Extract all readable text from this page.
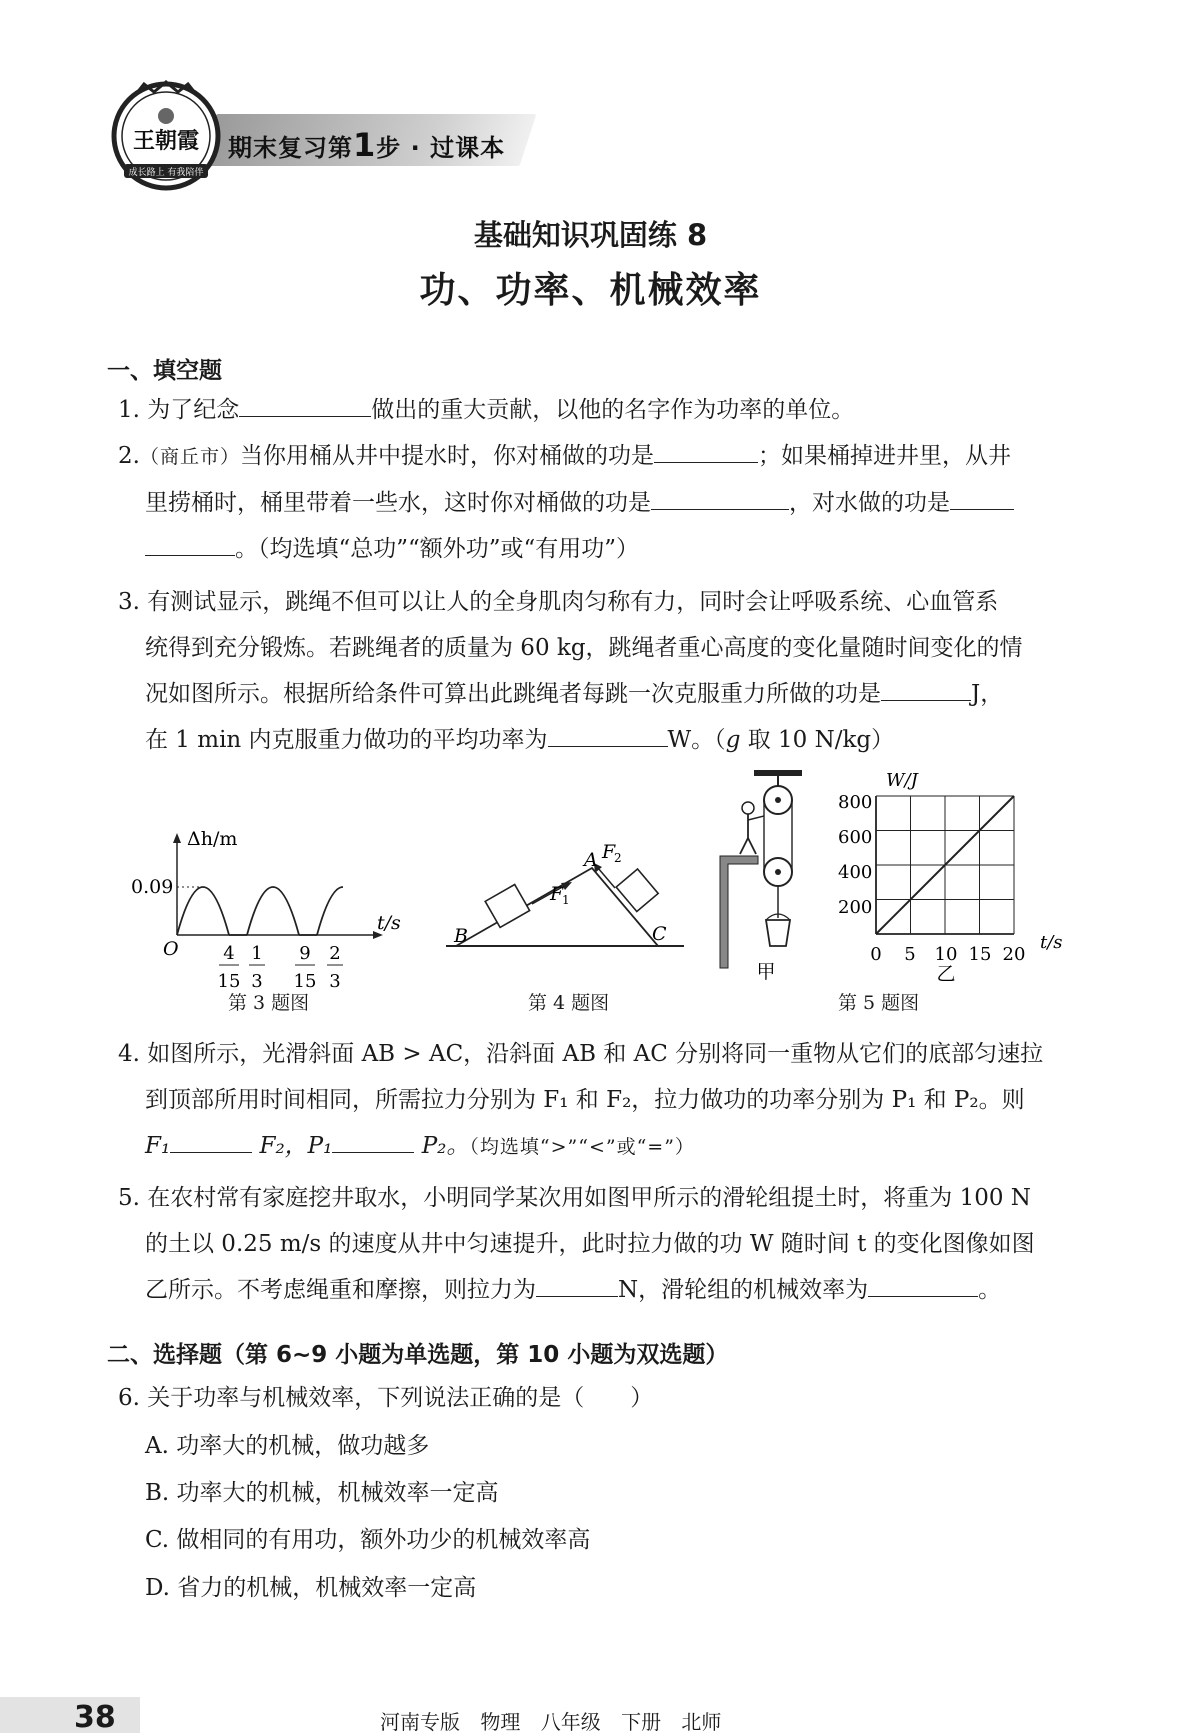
期末复习第1步 · 过课本
王朝霞
成长路上 有我陪伴
基础知识巩固练 8
功、功率、机械效率
一、填空题
1. 为了纪念	做出的重大贡献，以他的名字作为功率的单位。
2.（商丘市）当你用桶从井中提水时，你对桶做的功是	；如果桶掉进井里，从井
里捞桶时，桶里带着一些水，这时你对桶做的功是	，对水做的功是
。（均选填“总功”“额外功”或“有用功”）
3. 有测试显示，跳绳不但可以让人的全身肌肉匀称有力，同时会让呼吸系统、心血管系
统得到充分锻炼。若跳绳者的质量为 60 kg，跳绳者重心高度的变化量随时间变化的情
况如图所示。根据所给条件可算出此跳绳者每跳一次克服重力所做的功是	J，
在 1 min 内克服重力做功的平均功率为	W。（g 取 10 N/kg）
Δh/m
0.09
O
t/s
4
15
1
3
9
15
2
3
第 3 题图
F
1
A F
2
B	C
第 4 题图
甲
W/J
800
600
400
200
0 5 10 15 20
t/s
乙
第 5 题图
4. 如图所示，光滑斜面 AB > AC，沿斜面 AB 和 AC 分别将同一重物从它们的底部匀速拉
到顶部所用时间相同，所需拉力分别为 F₁ 和 F₂，拉力做功的功率分别为 P₁ 和 P₂。则
F₁	F₂，P₁	P₂。（均选填“>”“<”或“=”）
5. 在农村常有家庭挖井取水，小明同学某次用如图甲所示的滑轮组提土时，将重为 100 N
的土以 0.25 m/s 的速度从井中匀速提升，此时拉力做的功 W 随时间 t 的变化图像如图
乙所示。不考虑绳重和摩擦，则拉力为	N，滑轮组的机械效率为	。
二、选择题（第 6~9 小题为单选题，第 10 小题为双选题）
6. 关于功率与机械效率，下列说法正确的是（　　）
A. 功率大的机械，做功越多
B. 功率大的机械，机械效率一定高
C. 做相同的有用功，额外功少的机械效率高
D. 省力的机械，机械效率一定高
38	河南专版 物理 八年级 下册 北师
